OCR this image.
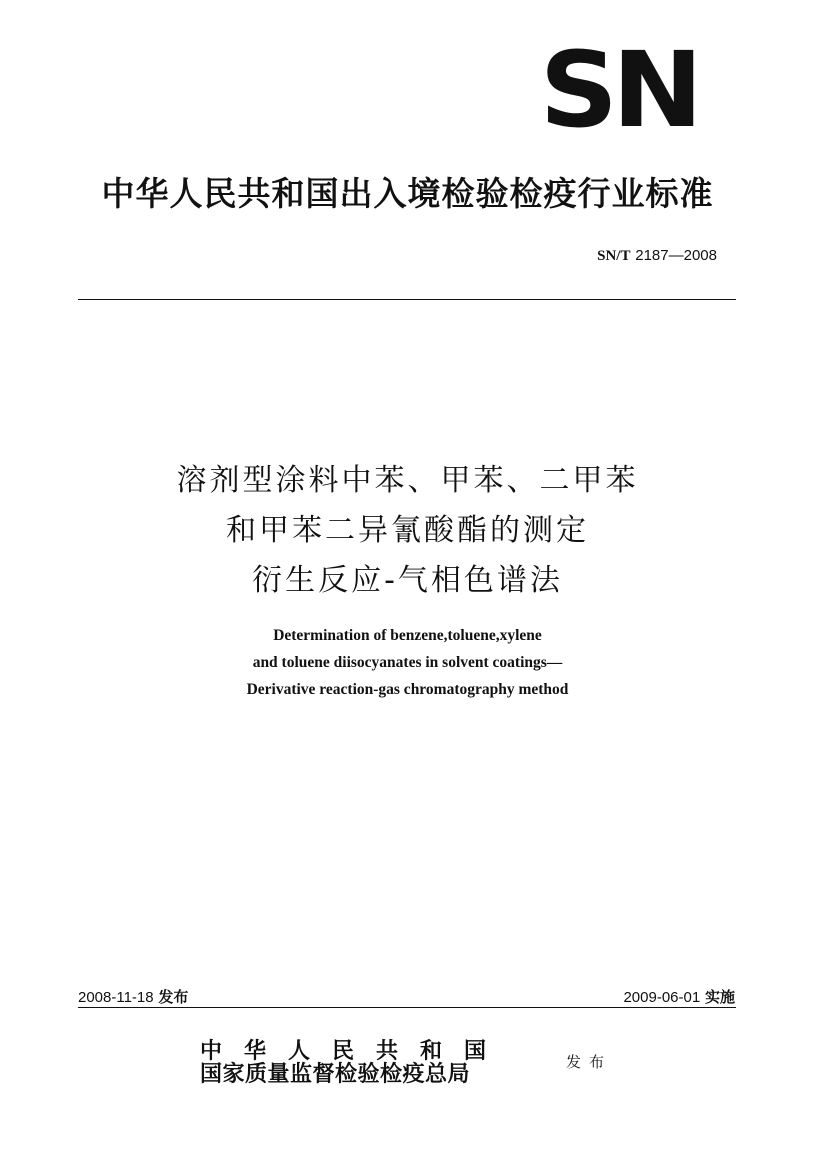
SN
中华人民共和国出入境检验检疫行业标准
SN/T 2187—2008
溶剂型涂料中苯、甲苯、二甲苯
和甲苯二异氰酸酯的测定
衍生反应-气相色谱法
Determination of benzene,toluene,xylene
and toluene diisocyanates in solvent coatings—
Derivative reaction-gas chromatography method
2008-11-18 发布	2009-06-01 实施
中华人民共和国
国家质量监督检验检疫总局	发布
